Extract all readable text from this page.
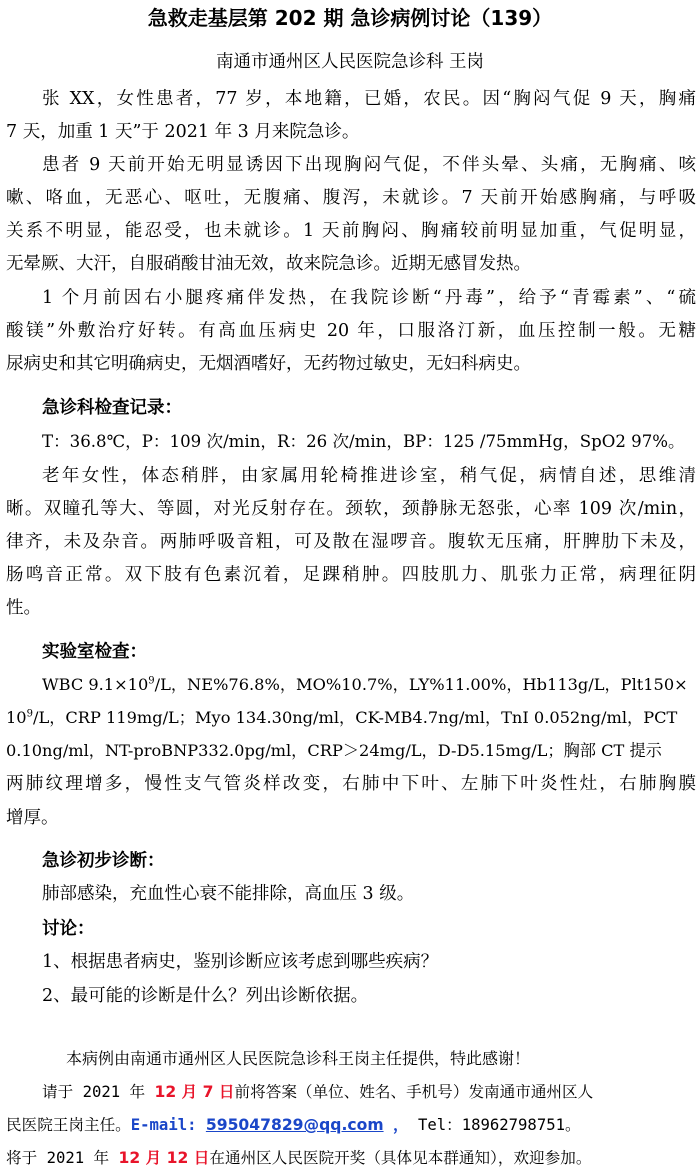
急救走基层第 202 期 急诊病例讨论（139）
南通市通州区人民医院急诊科 王岗
张 XX，女性患者，77 岁，本地籍，已婚，农民。因“胸闷气促 9 天，胸痛
7 天，加重 1 天”于 2021 年 3 月来院急诊。
患者 9 天前开始无明显诱因下出现胸闷气促，不伴头晕、头痛，无胸痛、咳
嗽、咯血，无恶心、呕吐，无腹痛、腹泻，未就诊。7 天前开始感胸痛，与呼吸
关系不明显，能忍受，也未就诊。1 天前胸闷、胸痛较前明显加重，气促明显，
无晕厥、大汗，自服硝酸甘油无效，故来院急诊。近期无感冒发热。
1 个月前因右小腿疼痛伴发热，在我院诊断“丹毒”，给予“青霉素”、“硫
酸镁”外敷治疗好转。有高血压病史 20 年，口服洛汀新，血压控制一般。无糖
尿病史和其它明确病史，无烟酒嗜好，无药物过敏史，无妇科病史。
急诊科检查记录：
T：36.8℃，P：109 次/min，R：26 次/min，BP：125 /75mmHg，SpO2 97%。
老年女性，体态稍胖，由家属用轮椅推进诊室，稍气促，病情自述，思维清
晰。双瞳孔等大、等圆，对光反射存在。颈软，颈静脉无怒张，心率 109 次/min，
律齐，未及杂音。两肺呼吸音粗，可及散在湿啰音。腹软无压痛，肝脾肋下未及，
肠鸣音正常。双下肢有色素沉着，足踝稍肿。四肢肌力、肌张力正常，病理征阴
性。
实验室检查：
WBC $9.1\times 10^9/L$，NE%76.8%，MO%10.7%，LY%11.00%，Hb113g/L，Plt150×
$10^9/L$，CRP 119mg/L；Myo 134.30ng/ml，CK-MB4.7ng/ml，TnI 0.052ng/ml，PCT
0.10ng/ml，NT-proBNP332.0pg/ml，CRP＞24mg/L，D-D5.15mg/L；胸部 CT 提示
两肺纹理增多，慢性支气管炎样改变，右肺中下叶、左肺下叶炎性灶，右肺胸膜
增厚。
急诊初步诊断：
肺部感染，充血性心衰不能排除，高血压 3 级。
讨论：
1、根据患者病史，鉴别诊断应该考虑到哪些疾病？
2、最可能的诊断是什么？列出诊断依据。
本病例由南通市通州区人民医院急诊科王岗主任提供，特此感谢！
请于 2021 年 12 月 7 日前将答案（单位、姓名、手机号）发南通市通州区人
民医院王岗主任。E-mail: 595047829@qq.com ， Tel：18962798751。
将于 2021 年 12 月 12 日在通州区人民医院开奖（具体见本群通知），欢迎参加。
